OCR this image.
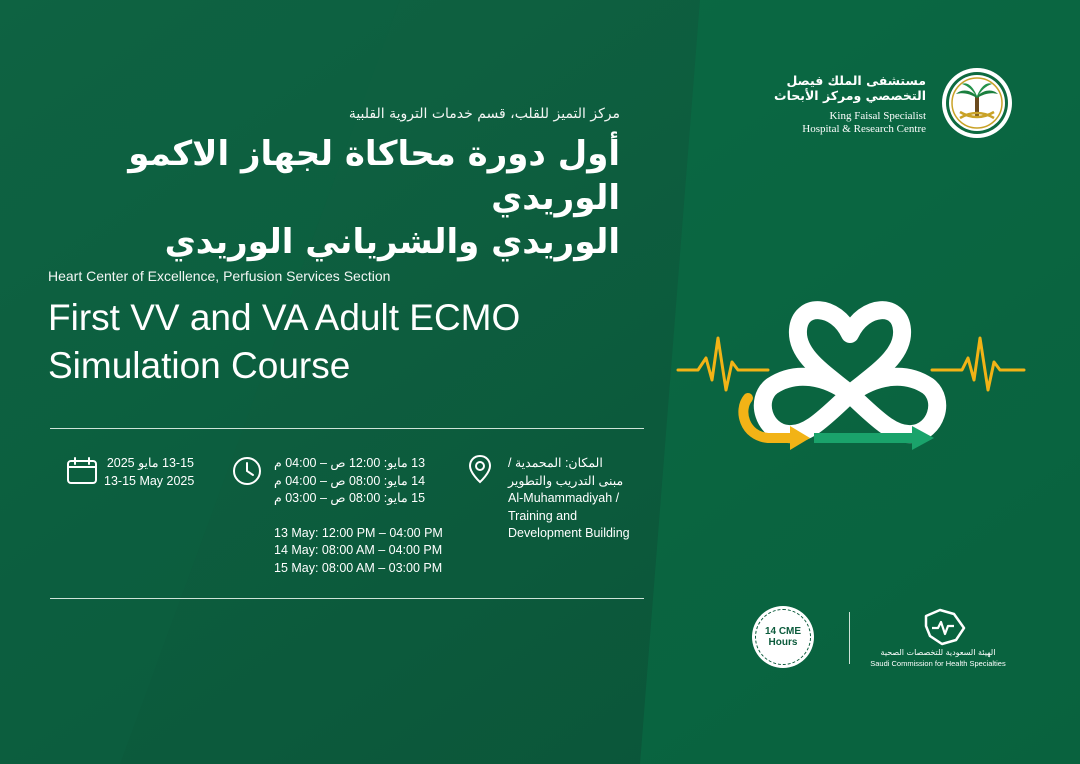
مركز التميز للقلب، قسم خدمات التروية القلبية
أول دورة محاكاة لجهاز الاكمو الوريدي
الوريدي والشرياني الوريدي
Heart Center of Excellence, Perfusion Services Section
First VV and VA Adult ECMO
Simulation Course
13-15 مايو 2025
13-15 May 2025
13 مايو: 12:00 ص – 04:00 م
14 مايو: 08:00 ص – 04:00 م
15 مايو: 08:00 ص – 03:00 م
13 May: 12:00 PM – 04:00 PM
14 May: 08:00 AM – 04:00 PM
15 May: 08:00 AM – 03:00 PM
المكان: المحمدية /
مبنى التدريب والتطوير
Al-Muhammadiyah / Training and Development Building
مستشفى الملك فيصل التخصصي ومركز الأبحاث
King Faisal Specialist
Hospital & Research Centre
14 CME
Hours
الهيئة السعودية للتخصصات الصحية
Saudi Commission for Health Specialties
